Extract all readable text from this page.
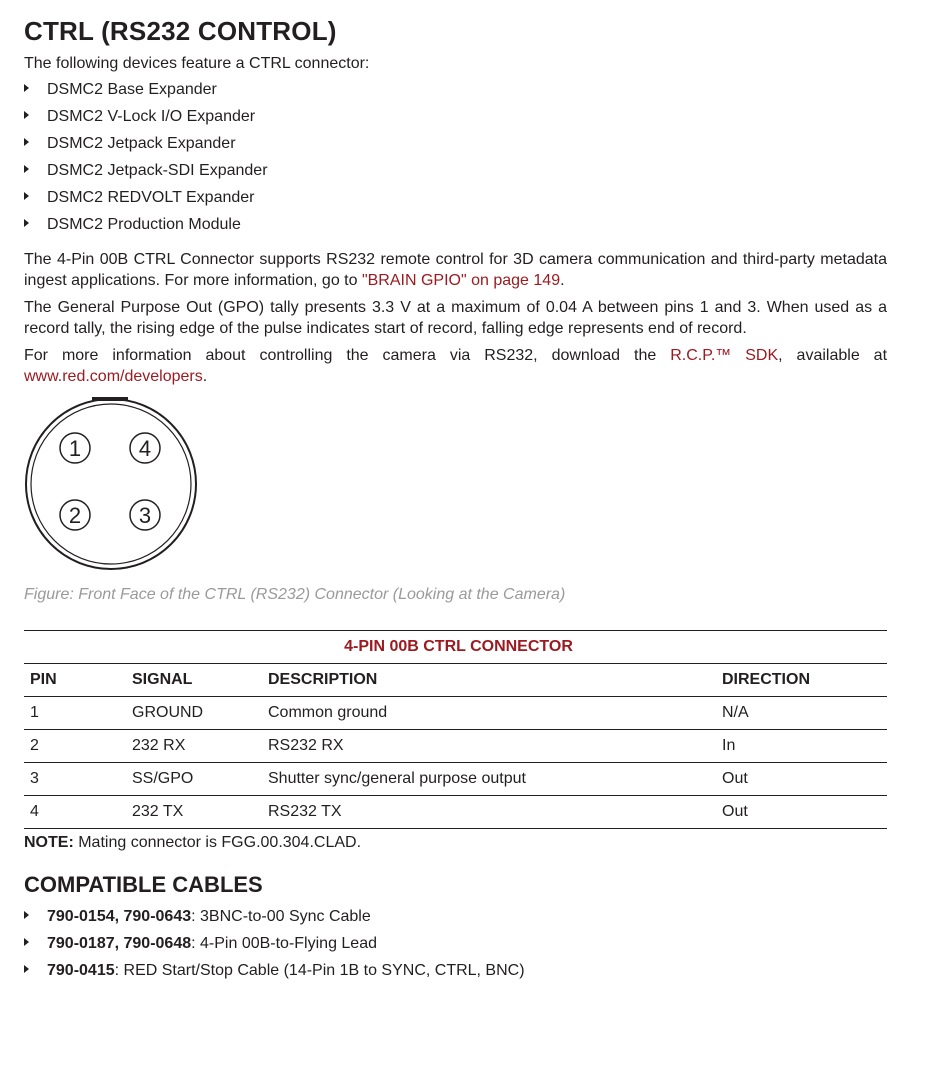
CTRL (RS232 CONTROL)

The following devices feature a CTRL connector:

DSMC2 Base Expander
DSMC2 V-Lock I/O Expander
DSMC2 Jetpack Expander
DSMC2 Jetpack-SDI Expander
DSMC2 REDVOLT Expander
DSMC2 Production Module

The 4-Pin 00B CTRL Connector supports RS232 remote control for 3D camera communication and third-party metadata ingest applications. For more information, go to "BRAIN GPIO" on page 149.

The General Purpose Out (GPO) tally presents 3.3 V at a maximum of 0.04 A between pins 1 and 3. When used as a record tally, the rising edge of the pulse indicates start of record, falling edge represents end of record.

For more information about controlling the camera via RS232, download the R.C.P.™ SDK, available at www.red.com/developers.

1	4
2	3
Figure: Front Face of the CTRL (RS232) Connector (Looking at the Camera)
4-PIN 00B CTRL CONNECTOR			
PIN	SIGNAL	DESCRIPTION	DIRECTION
1	GROUND	Common ground	N/A
2	232 RX	RS232 RX	In
3	SS/GPO	Shutter sync/general purpose output	Out
4	232 TX	RS232 TX	Out
NOTE: Mating connector is FGG.00.304.CLAD.
COMPATIBLE CABLES
790-0154, 790-0643: 3BNC-to-00 Sync Cable
790-0187, 790-0648: 4-Pin 00B-to-Flying Lead
790-0415: RED Start/Stop Cable (14-Pin 1B to SYNC, CTRL, BNC)
